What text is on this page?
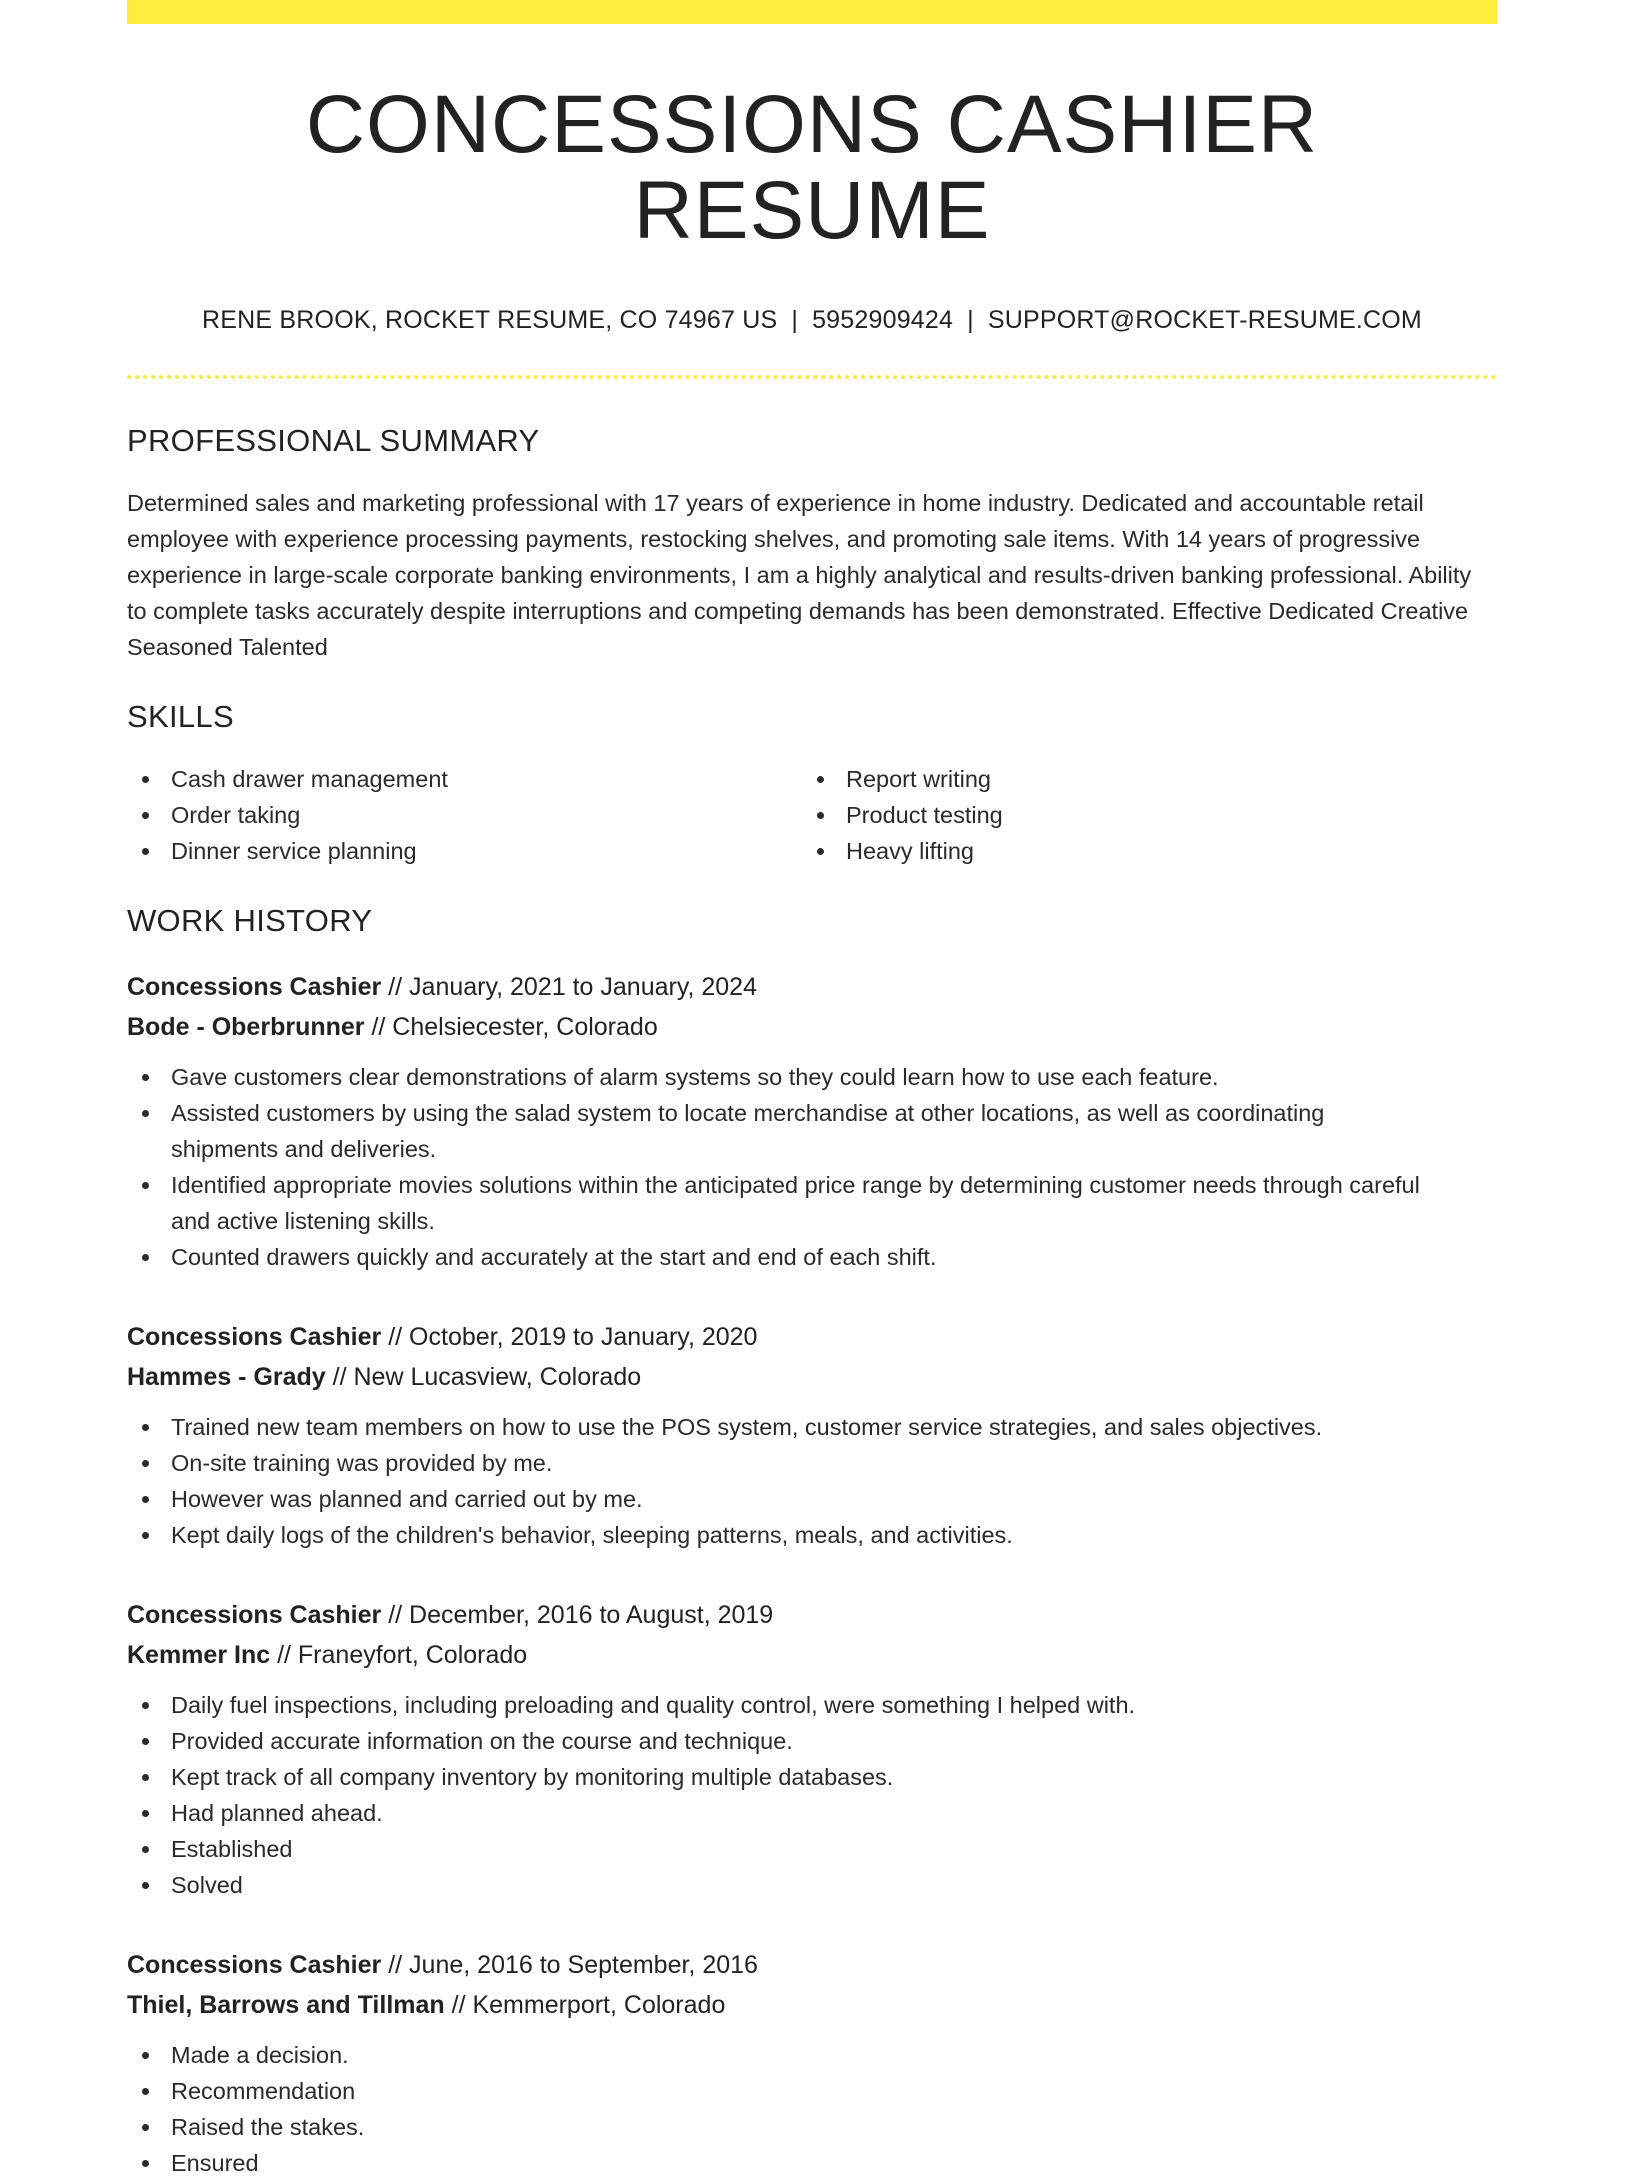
CONCESSIONS CASHIER RESUME
RENE BROOK, ROCKET RESUME, CO 74967 US | 5952909424 | SUPPORT@ROCKET-RESUME.COM
PROFESSIONAL SUMMARY
Determined sales and marketing professional with 17 years of experience in home industry. Dedicated and accountable retail employee with experience processing payments, restocking shelves, and promoting sale items. With 14 years of progressive experience in large-scale corporate banking environments, I am a highly analytical and results-driven banking professional. Ability to complete tasks accurately despite interruptions and competing demands has been demonstrated. Effective Dedicated Creative Seasoned Talented
SKILLS
Cash drawer management
Order taking
Dinner service planning
Report writing
Product testing
Heavy lifting
WORK HISTORY
Concessions Cashier // January, 2021 to January, 2024
Bode - Oberbrunner // Chelsiecester, Colorado
Gave customers clear demonstrations of alarm systems so they could learn how to use each feature.
Assisted customers by using the salad system to locate merchandise at other locations, as well as coordinating shipments and deliveries.
Identified appropriate movies solutions within the anticipated price range by determining customer needs through careful and active listening skills.
Counted drawers quickly and accurately at the start and end of each shift.
Concessions Cashier // October, 2019 to January, 2020
Hammes - Grady // New Lucasview, Colorado
Trained new team members on how to use the POS system, customer service strategies, and sales objectives.
On-site training was provided by me.
However was planned and carried out by me.
Kept daily logs of the children's behavior, sleeping patterns, meals, and activities.
Concessions Cashier // December, 2016 to August, 2019
Kemmer Inc // Franeyfort, Colorado
Daily fuel inspections, including preloading and quality control, were something I helped with.
Provided accurate information on the course and technique.
Kept track of all company inventory by monitoring multiple databases.
Had planned ahead.
Established
Solved
Concessions Cashier // June, 2016 to September, 2016
Thiel, Barrows and Tillman // Kemmerport, Colorado
Made a decision.
Recommendation
Raised the stakes.
Ensured
